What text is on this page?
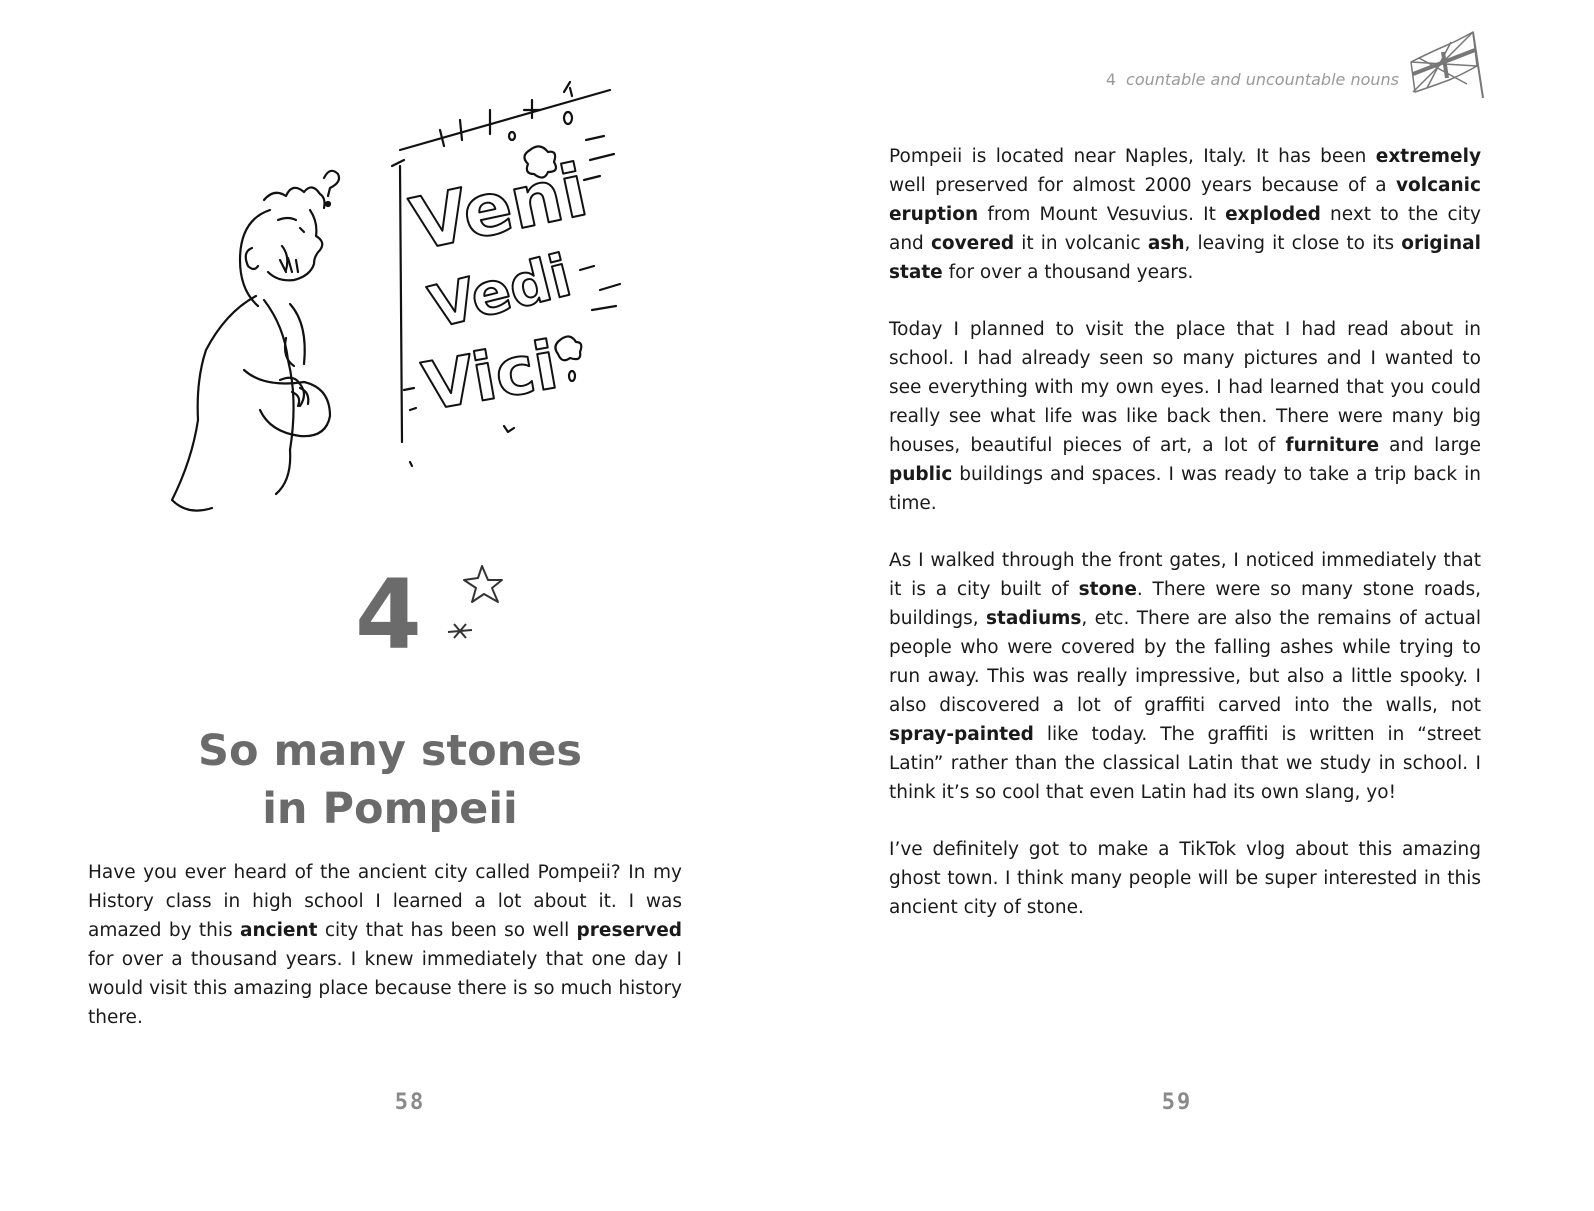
Veni
Vedi
Vici
4
So many stones
in Pompeii

Have you ever heard of the ancient city called Pompeii? In my History class in high school I learned a lot about it. I was amazed by this ancient city that has been so well preserved for over a thousand years. I knew immediately that one day I would visit this amazing place because there is so much history there.

58
4 countable and uncountable nouns

Pompeii is located near Naples, Italy. It has been extremely well preserved for almost 2000 years because of a volcanic eruption from Mount Vesuvius. It exploded next to the city and covered it in volcanic ash, leaving it close to its original state for over a thousand years.

Today I planned to visit the place that I had read about in school. I had already seen so many pictures and I wanted to see everything with my own eyes. I had learned that you could really see what life was like back then. There were many big houses, beautiful pieces of art, a lot of furniture and large public buildings and spaces. I was ready to take a trip back in time.

As I walked through the front gates, I noticed immediately that it is a city built of stone. There were so many stone roads, buildings, stadiums, etc. There are also the remains of actual people who were covered by the falling ashes while trying to run away. This was really impressive, but also a little spooky. I also discovered a lot of graffiti carved into the walls, not spray-painted like today. The graffiti is written in “street Latin” rather than the classical Latin that we study in school. I think it’s so cool that even Latin had its own slang, yo!

I’ve definitely got to make a TikTok vlog about this amazing ghost town. I think many people will be super interested in this ancient city of stone.

59
